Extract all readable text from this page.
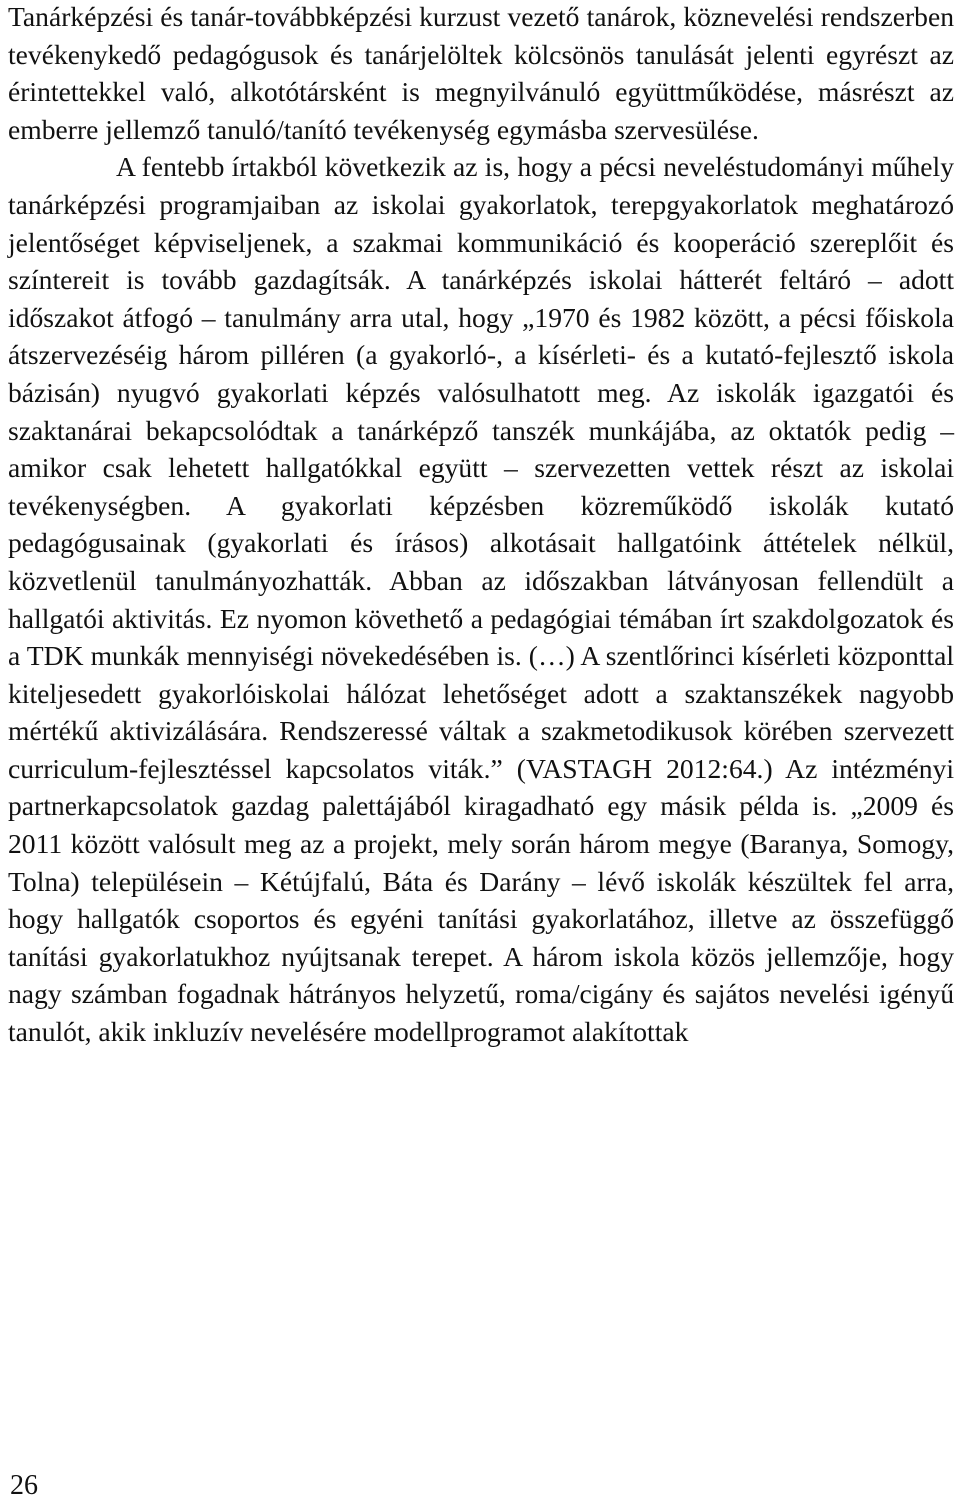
Tanárképzési és tanár-továbbképzési kurzust vezető tanárok, köznevelési rendszerben tevékenykedő pedagógusok és tanárjelöltek kölcsönös tanulását jelenti egyrészt az érintettekkel való, alkotótársként is megnyilvánuló együttműködése, másrészt az emberre jellemző tanuló/tanító tevékenység egymásba szervesülése.

A fentebb írtakból következik az is, hogy a pécsi neveléstudományi műhely tanárképzési programjaiban az iskolai gyakorlatok, terepgyakorlatok meghatározó jelentőséget képviseljenek, a szakmai kommunikáció és kooperáció szereplőit és színtereit is tovább gazdagítsák. A tanárképzés iskolai hátterét feltáró – adott időszakot átfogó – tanulmány arra utal, hogy „1970 és 1982 között, a pécsi főiskola átszervezéséig három pilléren (a gyakorló-, a kísérleti- és a kutató-fejlesztő iskola bázisán) nyugvó gyakorlati képzés valósulhatott meg. Az iskolák igazgatói és szaktanárai bekapcsolódtak a tanárképző tanszék munkájába, az oktatók pedig – amikor csak lehetett hallgatókkal együtt – szervezetten vettek részt az iskolai tevékenységben. A gyakorlati képzésben közreműködő iskolák kutató pedagógusainak (gyakorlati és írásos) alkotásait hallgatóink áttételek nélkül, közvetlenül tanulmányozhatták. Abban az időszakban látványosan fellendült a hallgatói aktivitás. Ez nyomon követhető a pedagógiai témában írt szakdolgozatok és a TDK munkák mennyiségi növekedésében is. (…) A szentlőrinci kísérleti központtal kiteljesedett gyakorlóiskolai hálózat lehetőséget adott a szaktanszékek nagyobb mértékű aktivizálására. Rendszeressé váltak a szakmetodikusok körében szervezett curriculum-fejlesztéssel kapcsolatos viták.” (VASTAGH 2012:64.) Az intézményi partnerkapcsolatok gazdag palettájából kiragadható egy másik példa is. „2009 és 2011 között valósult meg az a projekt, mely során három megye (Baranya, Somogy, Tolna) településein – Kétújfalú, Báta és Darány – lévő iskolák készültek fel arra, hogy hallgatók csoportos és egyéni tanítási gyakorlatához, illetve az összefüggő tanítási gyakorlatukhoz nyújtsanak terepet. A három iskola közös jellemzője, hogy nagy számban fogadnak hátrányos helyzetű, roma/cigány és sajátos nevelési igényű tanulót, akik inkluzív nevelésére modellprogramot alakítottak

26
